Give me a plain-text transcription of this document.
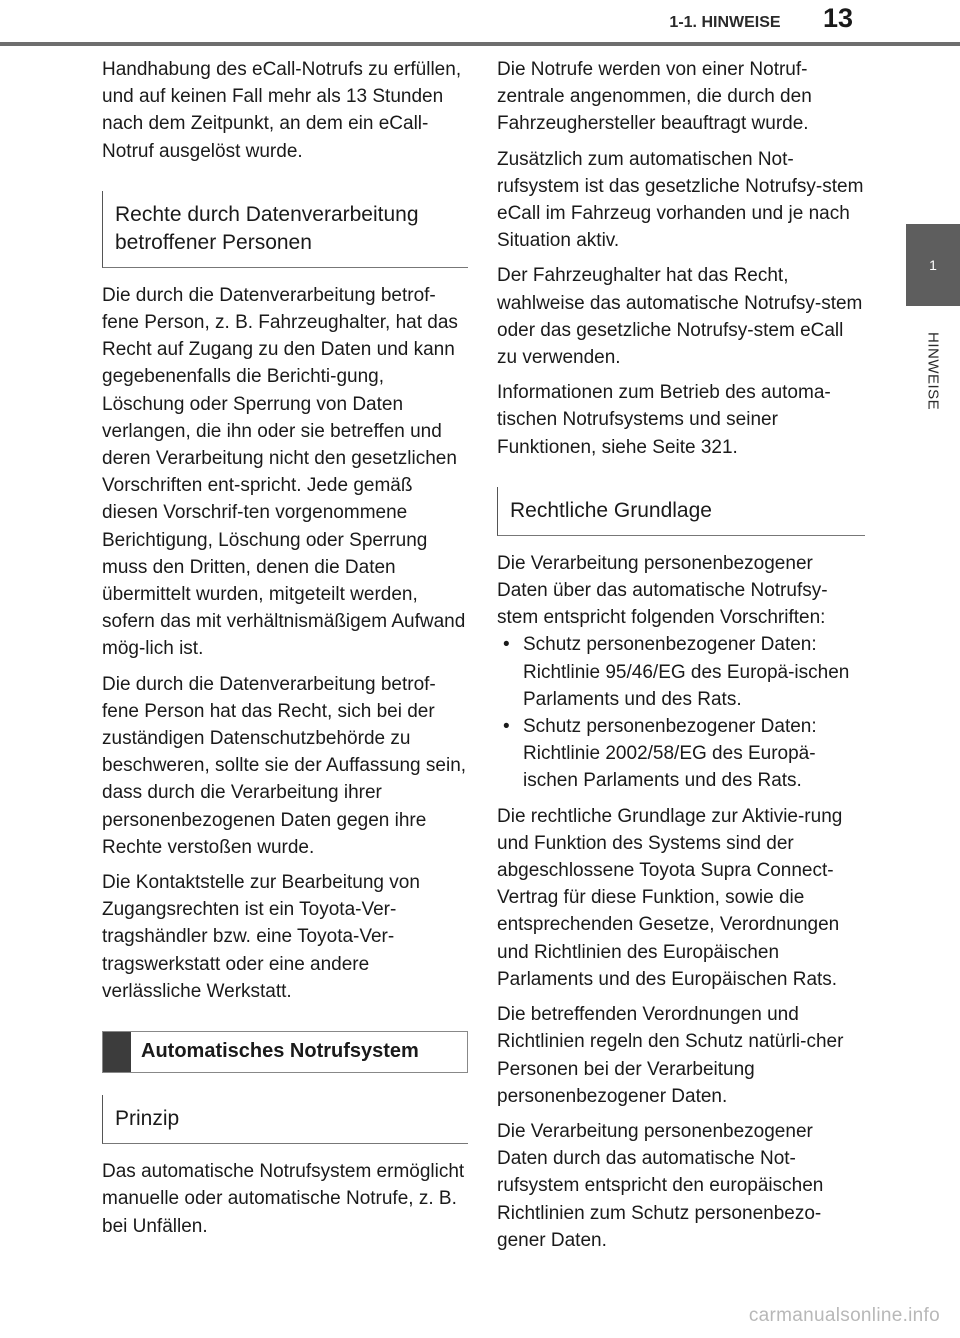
1-1. HINWEISE	13
1
HINWEISE

Handhabung des eCall-Notrufs zu erfüllen, und auf keinen Fall mehr als 13 Stunden nach dem Zeitpunkt, an dem ein eCall-Notruf ausgelöst wurde.

Rechte durch Datenverarbeitung betroffener Personen

Die durch die Datenverarbeitung betrof-fene Person, z. B. Fahrzeughalter, hat das Recht auf Zugang zu den Daten und kann gegebenenfalls die Berichti-gung, Löschung oder Sperrung von Daten verlangen, die ihn oder sie betreffen und deren Verarbeitung nicht den gesetzlichen Vorschriften ent-spricht. Jede gemäß diesen Vorschrif-ten vorgenommene Berichtigung, Löschung oder Sperrung muss den Dritten, denen die Daten übermittelt wurden, mitgeteilt werden, sofern das mit verhältnismäßigem Aufwand mög-lich ist.

Die durch die Datenverarbeitung betrof-fene Person hat das Recht, sich bei der zuständigen Datenschutzbehörde zu beschweren, sollte sie der Auffassung sein, dass durch die Verarbeitung ihrer personenbezogenen Daten gegen ihre Rechte verstoßen wurde.

Die Kontaktstelle zur Bearbeitung von Zugangsrechten ist ein Toyota-Ver-tragshändler bzw. eine Toyota-Ver-tragswerkstatt oder eine andere verlässliche Werkstatt.

Automatisches Notrufsystem
Prinzip

Das automatische Notrufsystem ermöglicht manuelle oder automatische Notrufe, z. B. bei Unfällen.

Die Notrufe werden von einer Notruf-zentrale angenommen, die durch den Fahrzeughersteller beauftragt wurde.

Zusätzlich zum automatischen Not-rufsystem ist das gesetzliche Notrufsy-stem eCall im Fahrzeug vorhanden und je nach Situation aktiv.

Der Fahrzeughalter hat das Recht, wahlweise das automatische Notrufsy-stem oder das gesetzliche Notrufsy-stem eCall zu verwenden.

Informationen zum Betrieb des automa-tischen Notrufsystems und seiner Funktionen, siehe Seite 321.

Rechtliche Grundlage

Die Verarbeitung personenbezogener Daten über das automatische Notrufsy-stem entspricht folgenden Vorschriften:

• Schutz personenbezogener Daten: Richtlinie 95/46/EG des Europä-ischen Parlaments und des Rats.
• Schutz personenbezogener Daten: Richtlinie 2002/58/EG des Europä-ischen Parlaments und des Rats.

Die rechtliche Grundlage zur Aktivie-rung und Funktion des Systems sind der abgeschlossene Toyota Supra Connect-Vertrag für diese Funktion, sowie die entsprechenden Gesetze, Verordnungen und Richtlinien des Europäischen Parlaments und des Europäischen Rats.

Die betreffenden Verordnungen und Richtlinien regeln den Schutz natürli-cher Personen bei der Verarbeitung personenbezogener Daten.

Die Verarbeitung personenbezogener Daten durch das automatische Not-rufsystem entspricht den europäischen Richtlinien zum Schutz personenbezo-gener Daten.

carmanualsonline.info
